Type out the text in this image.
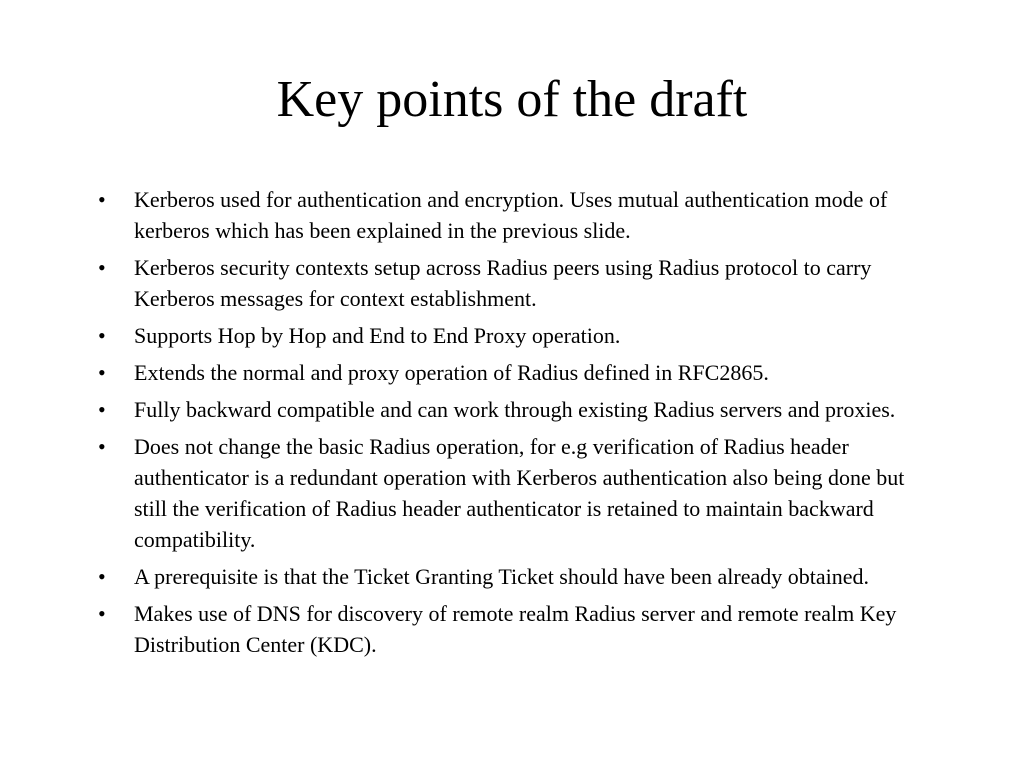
Key points of the draft
• Kerberos used for authentication and encryption. Uses mutual authentication mode of kerberos which has been explained in the previous slide.
• Kerberos security contexts setup across Radius peers using Radius protocol to carry Kerberos messages for context establishment.
• Supports Hop by Hop and End to End Proxy operation.
• Extends the normal and proxy operation of Radius defined in RFC2865.
• Fully backward compatible and can work through existing Radius servers and proxies.
• Does not change the basic Radius operation, for e.g verification of Radius header authenticator is a redundant operation with Kerberos authentication also being done but still the verification of Radius header authenticator is retained to maintain backward compatibility.
• A prerequisite is that the Ticket Granting Ticket should have been already obtained.
• Makes use of DNS for discovery of remote realm Radius server and remote realm Key Distribution Center (KDC).
